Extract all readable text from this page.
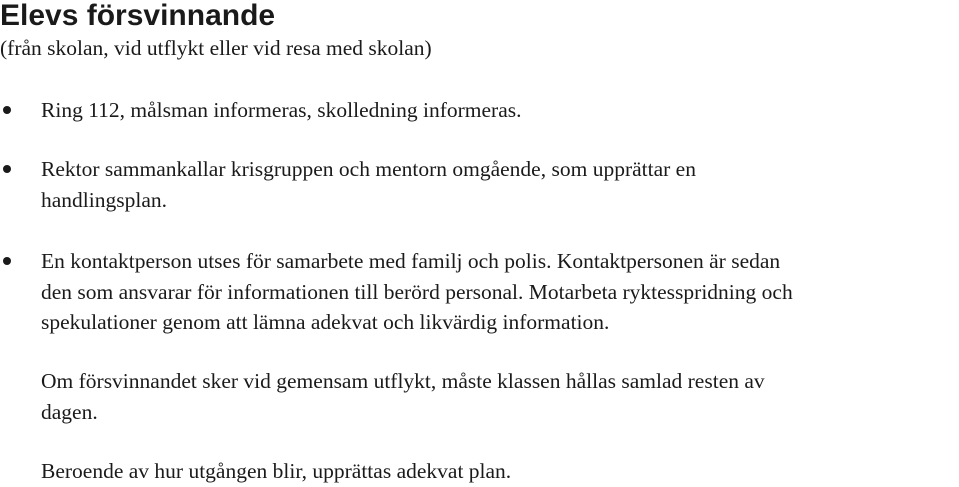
Elevs försvinnande
(från skolan, vid utflykt eller vid resa med skolan)
Ring 112, målsman informeras, skolledning informeras.
Rektor sammankallar krisgruppen och mentorn omgående, som upprättar en
handlingsplan.
En kontaktperson utses för samarbete med familj och polis. Kontaktpersonen är sedan
den som ansvarar för informationen till berörd personal. Motarbeta ryktesspridning och
spekulationer genom att lämna adekvat och likvärdig information.
Om försvinnandet sker vid gemensam utflykt, måste klassen hållas samlad resten av
dagen.
Beroende av hur utgången blir, upprättas adekvat plan.
